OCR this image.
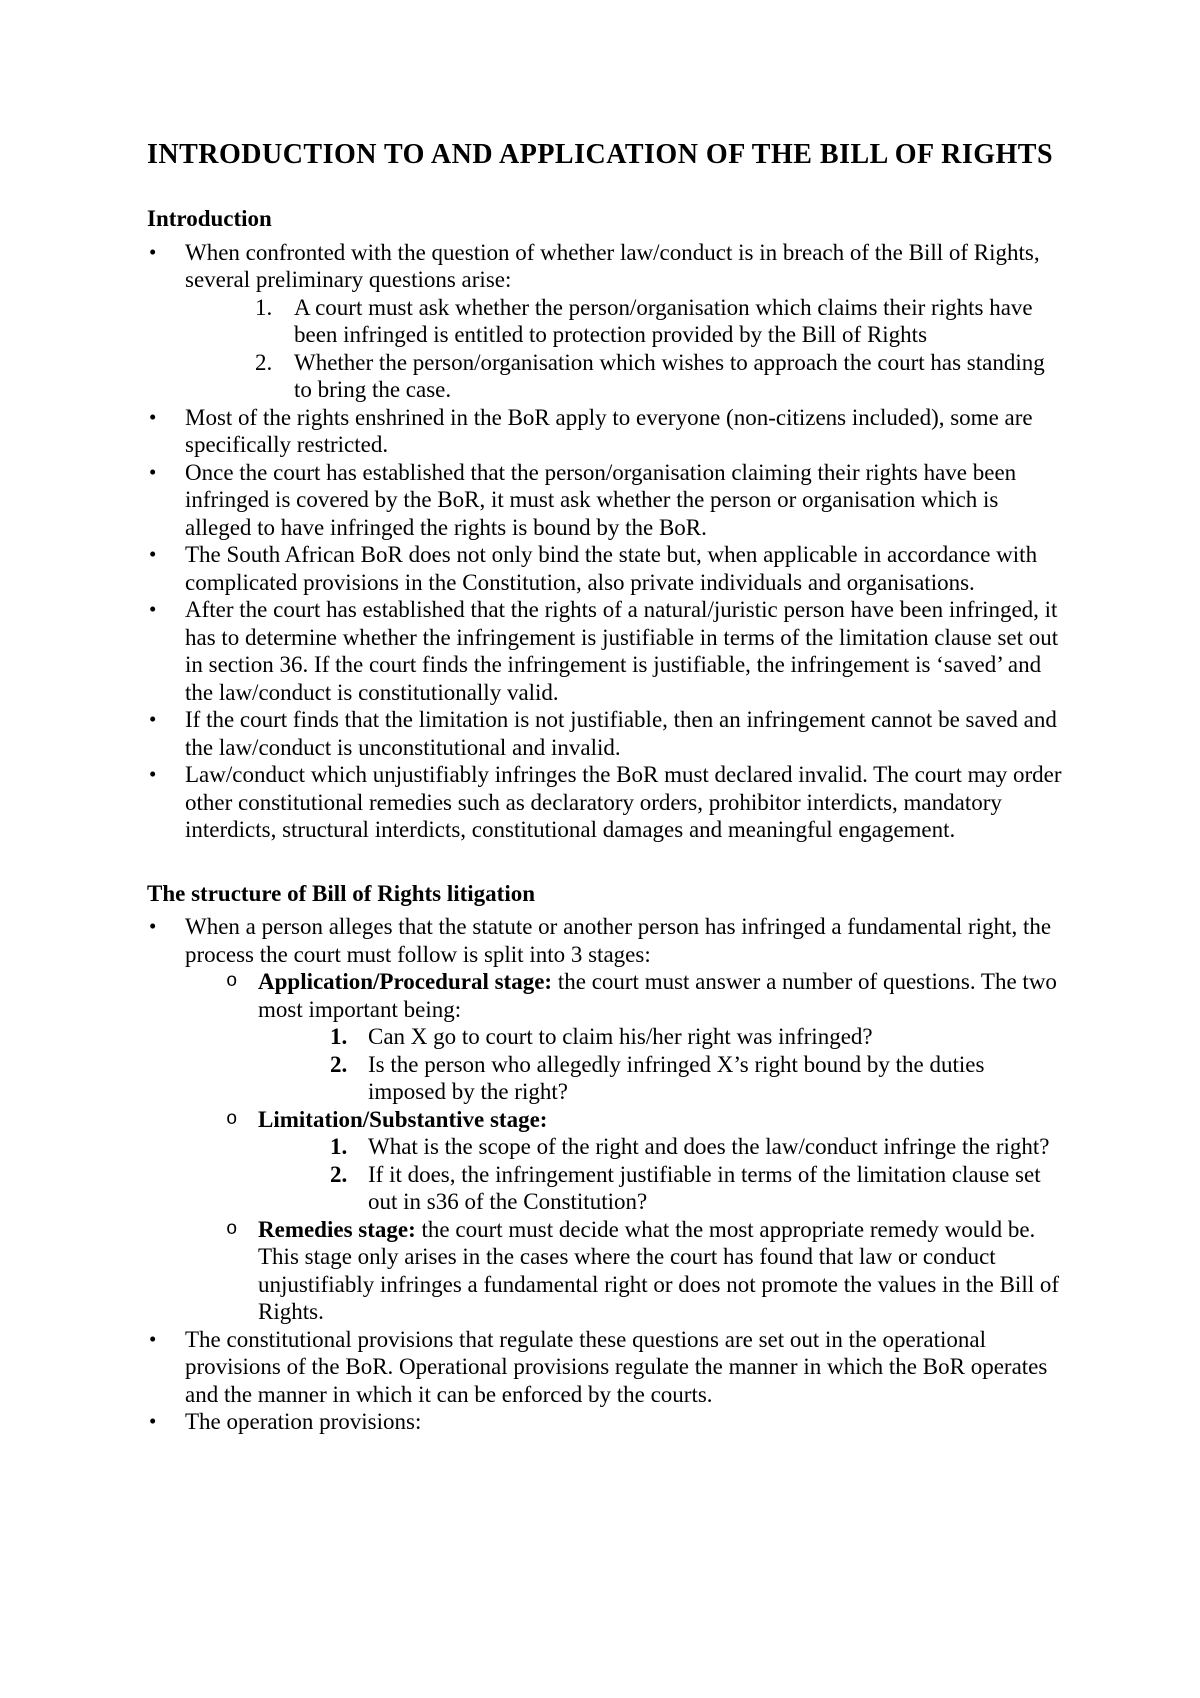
INTRODUCTION TO AND APPLICATION OF THE BILL OF RIGHTS
Introduction
• When confronted with the question of whether law/conduct is in breach of the Bill of Rights, several preliminary questions arise:
1. A court must ask whether the person/organisation which claims their rights have been infringed is entitled to protection provided by the Bill of Rights
2. Whether the person/organisation which wishes to approach the court has standing to bring the case.
• Most of the rights enshrined in the BoR apply to everyone (non-citizens included), some are specifically restricted.
• Once the court has established that the person/organisation claiming their rights have been infringed is covered by the BoR, it must ask whether the person or organisation which is alleged to have infringed the rights is bound by the BoR.
• The South African BoR does not only bind the state but, when applicable in accordance with complicated provisions in the Constitution, also private individuals and organisations.
• After the court has established that the rights of a natural/juristic person have been infringed, it has to determine whether the infringement is justifiable in terms of the limitation clause set out in section 36. If the court finds the infringement is justifiable, the infringement is ‘saved’ and the law/conduct is constitutionally valid.
• If the court finds that the limitation is not justifiable, then an infringement cannot be saved and the law/conduct is unconstitutional and invalid.
• Law/conduct which unjustifiably infringes the BoR must declared invalid. The court may order other constitutional remedies such as declaratory orders, prohibitor interdicts, mandatory interdicts, structural interdicts, constitutional damages and meaningful engagement.
The structure of Bill of Rights litigation
• When a person alleges that the statute or another person has infringed a fundamental right, the process the court must follow is split into 3 stages:
o Application/Procedural stage: the court must answer a number of questions. The two most important being:
1. Can X go to court to claim his/her right was infringed?
2. Is the person who allegedly infringed X’s right bound by the duties imposed by the right?
o Limitation/Substantive stage:
1. What is the scope of the right and does the law/conduct infringe the right?
2. If it does, the infringement justifiable in terms of the limitation clause set out in s36 of the Constitution?
o Remedies stage: the court must decide what the most appropriate remedy would be. This stage only arises in the cases where the court has found that law or conduct unjustifiably infringes a fundamental right or does not promote the values in the Bill of Rights.
• The constitutional provisions that regulate these questions are set out in the operational provisions of the BoR. Operational provisions regulate the manner in which the BoR operates and the manner in which it can be enforced by the courts.
• The operation provisions:
